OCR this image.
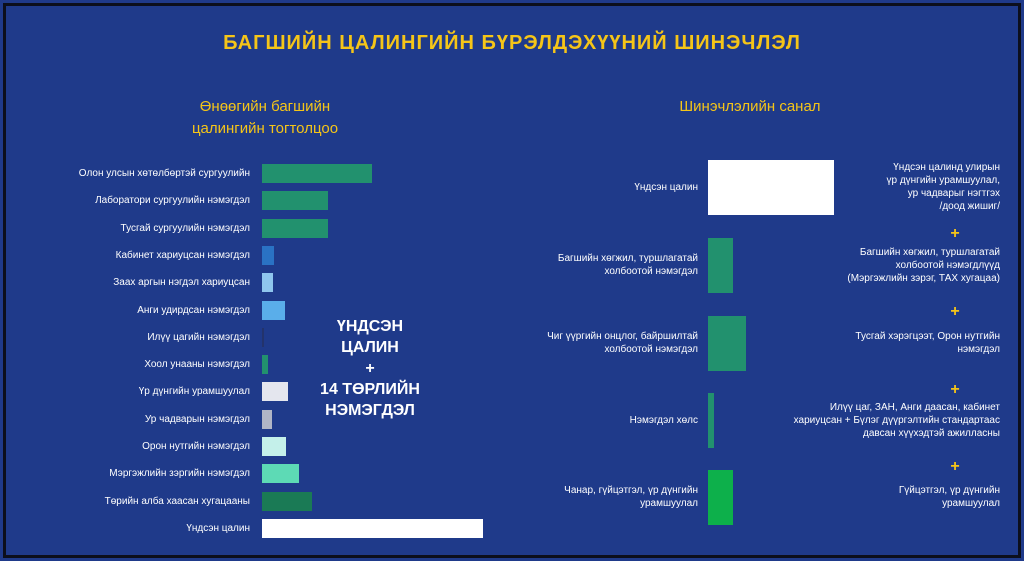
БАГШИЙН ЦАЛИНГИЙН БҮРЭЛДЭХҮҮНИЙ ШИНЭЧЛЭЛ
Өнөөгийн багшийн
цалингийн тогтолцоо
Шинэчлэлийн санал
Олон улсын хөтөлбөртэй сургуулийн
Лаборатори сургуулийн нэмэгдэл
Тусгай сургуулийн нэмэгдэл
Кабинет хариуцсан нэмэгдэл
Заах аргын нэгдэл хариуцсан
Анги удирдсан нэмэгдэл
Илүү цагийн нэмэгдэл
Хоол унааны нэмэгдэл
Үр дүнгийн урамшуулал
Ур чадварын нэмэгдэл
Орон нутгийн нэмэгдэл
Мэргэжлийн зэргийн нэмэгдэл
Төрийн алба хаасан хугацааны
Үндсэн цалин
ҮНДСЭН
ЦАЛИН
+
14 ТӨРЛИЙН
НЭМЭГДЭЛ
Үндсэн цалин
Үндсэн цалинд улирын
үр дүнгийн урамшуулал,
ур чадварыг нэгтгэх
/доод жишиг/
+
Багшийн хөгжил, туршлагатай
холбоотой нэмэгдэл
Багшийн хөгжил, туршлагатай
холбоотой нэмэгдлүүд
(Мэргэжлийн зэрэг, ТАХ хугацаа)
+
Чиг үүргийн онцлог, байршилтай
холбоотой нэмэгдэл
Тусгай хэрэгцээт, Орон нутгийн
нэмэгдэл
+
Нэмэгдэл хөлс
Илүү цаг, ЗАН, Анги даасан, кабинет
хариуцсан + Бүлэг дүүргэлтийн стандартаас
давсан хүүхэдтэй ажилласны
+
Чанар, гүйцэтгэл, үр дүнгийн
урамшуулал
Гүйцэтгэл, үр дүнгийн
урамшуулал
